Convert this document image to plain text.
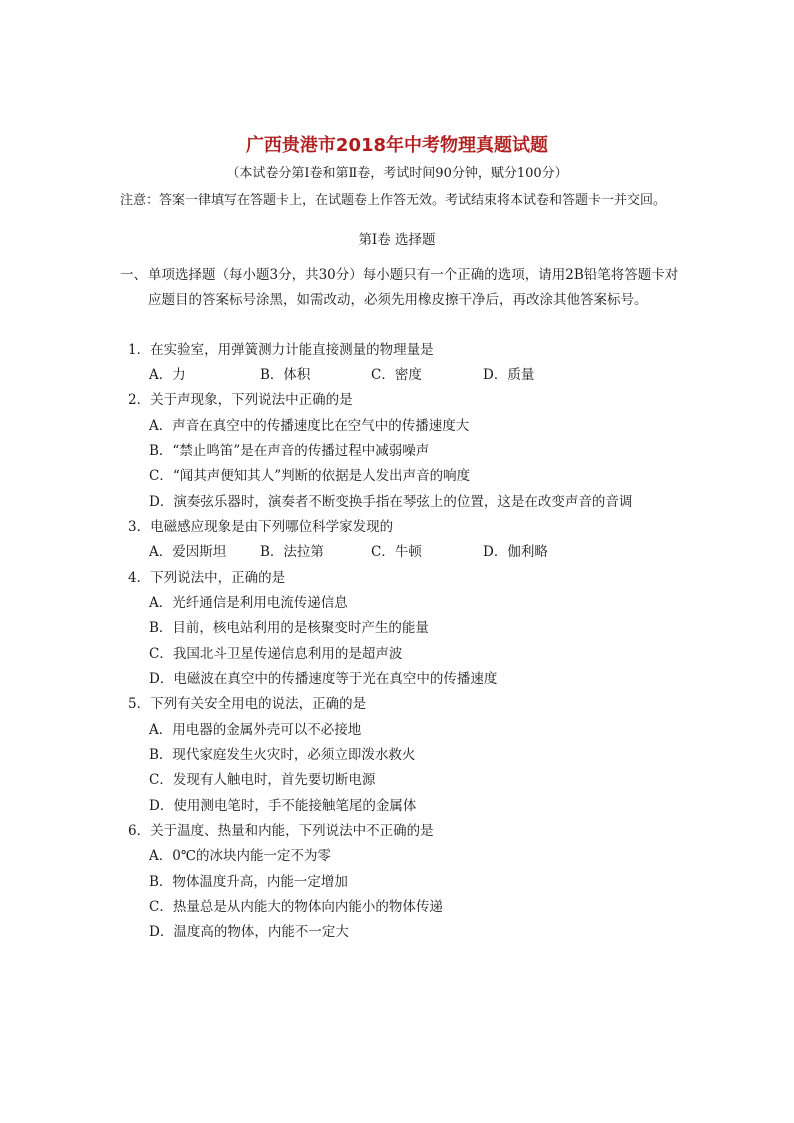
广西贵港市2018年中考物理真题试题
（本试卷分第Ⅰ卷和第Ⅱ卷，考试时间90分钟，赋分100分）
注意：答案一律填写在答题卡上，在试题卷上作答无效。考试结束将本试卷和答题卡一并交回。
第Ⅰ卷 选择题
一、 单项选择题（每小题3分，共30分）每小题只有一个正确的选项，请用2B铅笔将答题卡对应题目的答案标号涂黑，如需改动，必须先用橡皮擦干净后，再改涂其他答案标号。
1．在实验室，用弹簧测力计能直接测量的物理量是
A．力	B．体积	C．密度	D．质量
2．关于声现象，下列说法中正确的是
A．声音在真空中的传播速度比在空气中的传播速度大
B．“禁止鸣笛”是在声音的传播过程中减弱噪声
C．“闻其声便知其人”判断的依据是人发出声音的响度
D．演奏弦乐器时，演奏者不断变换手指在琴弦上的位置，这是在改变声音的音调
3．电磁感应现象是由下列哪位科学家发现的
A．爱因斯坦	B．法拉第	C．牛顿	D．伽利略
4．下列说法中，正确的是
A．光纤通信是利用电流传递信息
B．目前，核电站利用的是核聚变时产生的能量
C．我国北斗卫星传递信息利用的是超声波
D．电磁波在真空中的传播速度等于光在真空中的传播速度
5．下列有关安全用电的说法，正确的是
A．用电器的金属外壳可以不必接地
B．现代家庭发生火灾时，必须立即泼水救火
C．发现有人触电时，首先要切断电源
D．使用测电笔时，手不能接触笔尾的金属体
6．关于温度、热量和内能，下列说法中不正确的是
A．0℃的冰块内能一定不为零
B．物体温度升高，内能一定增加
C．热量总是从内能大的物体向内能小的物体传递
D．温度高的物体，内能不一定大
